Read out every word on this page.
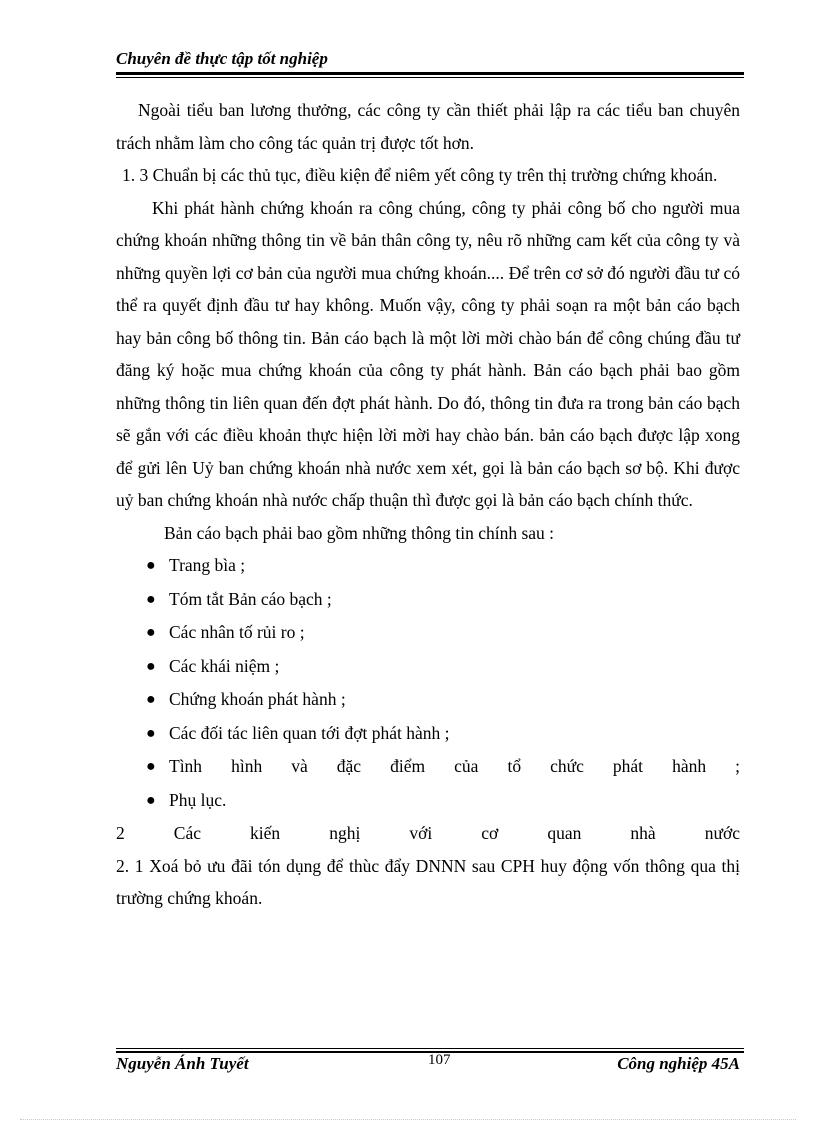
Chuyên đề thực tập tốt nghiệp

Ngoài tiểu ban lương thưởng, các công ty cần thiết phải lập ra các tiểu ban chuyên trách nhằm làm cho công tác quản trị được tốt hơn.

1. 3 Chuẩn bị các thủ tục, điều kiện để niêm yết công ty trên thị trường chứng khoán.

Khi phát hành chứng khoán ra công chúng, công ty phải công bố cho người mua chứng khoán những thông tin về bản thân công ty, nêu rõ những cam kết của công ty và những quyền lợi cơ bản của người mua chứng khoán.... Để trên cơ sở đó người đầu tư có thể ra quyết định đầu tư hay không. Muốn vậy, công ty phải soạn ra một bản cáo bạch hay bản công bố thông tin. Bản cáo bạch là một lời mời chào bán để công chúng đầu tư đăng ký hoặc mua chứng khoán của công ty phát hành. Bản cáo bạch phải bao gồm những thông tin liên quan đến đợt phát hành. Do đó, thông tin đưa ra trong bản cáo bạch sẽ gắn với các điều khoản thực hiện lời mời hay chào bán. bản cáo bạch được lập xong để gửi lên Uỷ ban chứng khoán nhà nước xem xét, gọi là bản cáo bạch sơ bộ. Khi được uỷ ban chứng khoán nhà nước chấp thuận thì được gọi là bản cáo bạch chính thức.

Bản cáo bạch phải bao gồm những thông tin chính sau :

● Trang bìa ;
● Tóm tắt Bản cáo bạch ;
● Các nhân tố rủi ro ;
● Các khái niệm ;
● Chứng khoán phát hành ;
● Các đối tác liên quan tới đợt phát hành ;
● Tình hình và đặc điểm của tổ chức phát hành ;
● Phụ lục.

2 Các kiến nghị với cơ quan nhà nước

2. 1 Xoá bỏ ưu đãi tón dụng để thùc đẩy DNNN sau CPH huy động vốn thông qua thị trường chứng khoán.

Nguyễn Ánh Tuyết	107	Công nghiệp 45A
